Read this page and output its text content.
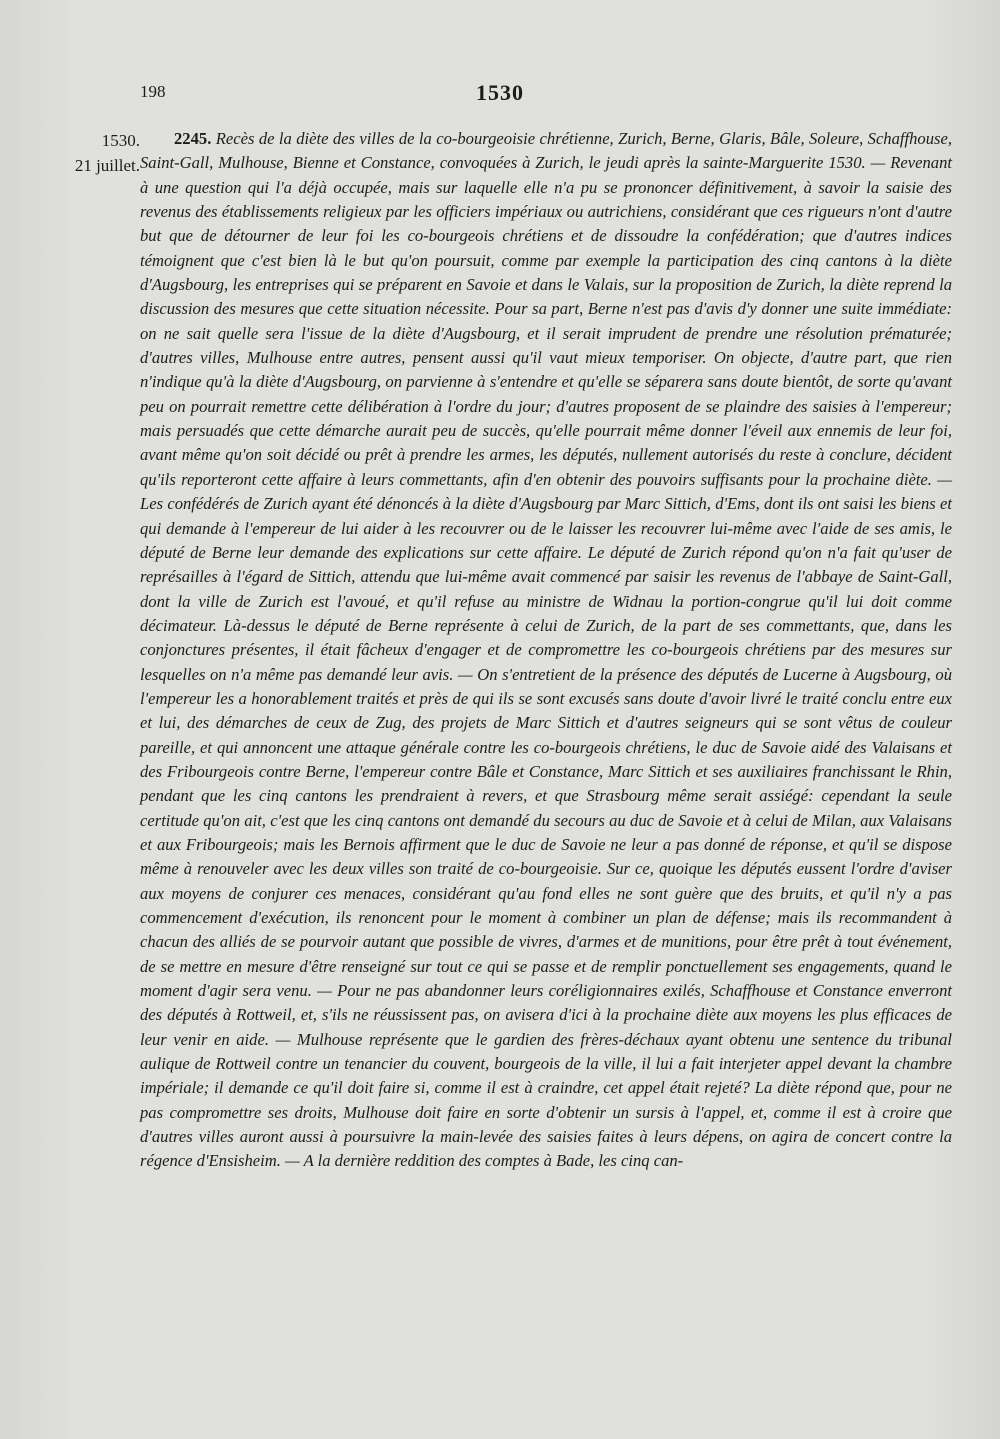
198	1530
1530.
21 juillet.

2245. Recès de la diète des villes de la co-bourgeoisie chrétienne, Zurich, Berne, Glaris, Bâle, Soleure, Schaffhouse, Saint-Gall, Mulhouse, Bienne et Constance, convoquées à Zurich, le jeudi après la sainte-Marguerite 1530. — Revenant à une question qui l'a déjà occupée, mais sur laquelle elle n'a pu se prononcer définitivement, à savoir la saisie des revenus des établissements religieux par les officiers impériaux ou autrichiens, considérant que ces rigueurs n'ont d'autre but que de détourner de leur foi les co-bourgeois chrétiens et de dissoudre la confédération; que d'autres indices témoignent que c'est bien là le but qu'on poursuit, comme par exemple la participation des cinq cantons à la diète d'Augsbourg, les entreprises qui se préparent en Savoie et dans le Valais, sur la proposition de Zurich, la diète reprend la discussion des mesures que cette situation nécessite. Pour sa part, Berne n'est pas d'avis d'y donner une suite immédiate: on ne sait quelle sera l'issue de la diète d'Augsbourg, et il serait imprudent de prendre une résolution prématurée; d'autres villes, Mulhouse entre autres, pensent aussi qu'il vaut mieux temporiser. On objecte, d'autre part, que rien n'indique qu'à la diète d'Augsbourg, on parvienne à s'entendre et qu'elle se séparera sans doute bientôt, de sorte qu'avant peu on pourrait remettre cette délibération à l'ordre du jour; d'autres proposent de se plaindre des saisies à l'empereur; mais persuadés que cette démarche aurait peu de succès, qu'elle pourrait même donner l'éveil aux ennemis de leur foi, avant même qu'on soit décidé ou prêt à prendre les armes, les députés, nullement autorisés du reste à conclure, décident qu'ils reporteront cette affaire à leurs commettants, afin d'en obtenir des pouvoirs suffisants pour la prochaine diète. — Les confédérés de Zurich ayant été dénoncés à la diète d'Augsbourg par Marc Sittich, d'Ems, dont ils ont saisi les biens et qui demande à l'empereur de lui aider à les recouvrer ou de le laisser les recouvrer lui-même avec l'aide de ses amis, le député de Berne leur demande des explications sur cette affaire. Le député de Zurich répond qu'on n'a fait qu'user de représailles à l'égard de Sittich, attendu que lui-même avait commencé par saisir les revenus de l'abbaye de Saint-Gall, dont la ville de Zurich est l'avoué, et qu'il refuse au ministre de Widnau la portion-congrue qu'il lui doit comme décimateur. Là-dessus le député de Berne représente à celui de Zurich, de la part de ses commettants, que, dans les conjonctures présentes, il était fâcheux d'engager et de compromettre les co-bourgeois chrétiens par des mesures sur lesquelles on n'a même pas demandé leur avis. — On s'entretient de la présence des députés de Lucerne à Augsbourg, où l'empereur les a honorablement traités et près de qui ils se sont excusés sans doute d'avoir livré le traité conclu entre eux et lui, des démarches de ceux de Zug, des projets de Marc Sittich et d'autres seigneurs qui se sont vêtus de couleur pareille, et qui annoncent une attaque générale contre les co-bourgeois chrétiens, le duc de Savoie aidé des Valaisans et des Fribourgeois contre Berne, l'empereur contre Bâle et Constance, Marc Sittich et ses auxiliaires franchissant le Rhin, pendant que les cinq cantons les prendraient à revers, et que Strasbourg même serait assiégé: cependant la seule certitude qu'on ait, c'est que les cinq cantons ont demandé du secours au duc de Savoie et à celui de Milan, aux Valaisans et aux Fribourgeois; mais les Bernois affirment que le duc de Savoie ne leur a pas donné de réponse, et qu'il se dispose même à renouveler avec les deux villes son traité de co-bourgeoisie. Sur ce, quoique les députés eussent l'ordre d'aviser aux moyens de conjurer ces menaces, considérant qu'au fond elles ne sont guère que des bruits, et qu'il n'y a pas commencement d'exécution, ils renoncent pour le moment à combiner un plan de défense; mais ils recommandent à chacun des alliés de se pourvoir autant que possible de vivres, d'armes et de munitions, pour être prêt à tout événement, de se mettre en mesure d'être renseigné sur tout ce qui se passe et de remplir ponctuellement ses engagements, quand le moment d'agir sera venu. — Pour ne pas abandonner leurs coréligionnaires exilés, Schaffhouse et Constance enverront des députés à Rottweil, et, s'ils ne réussissent pas, on avisera d'ici à la prochaine diète aux moyens les plus efficaces de leur venir en aide. — Mulhouse représente que le gardien des frères-déchaux ayant obtenu une sentence du tribunal aulique de Rottweil contre un tenancier du couvent, bourgeois de la ville, il lui a fait interjeter appel devant la chambre impériale; il demande ce qu'il doit faire si, comme il est à craindre, cet appel était rejeté? La diète répond que, pour ne pas compromettre ses droits, Mulhouse doit faire en sorte d'obtenir un sursis à l'appel, et, comme il est à croire que d'autres villes auront aussi à poursuivre la main-levée des saisies faites à leurs dépens, on agira de concert contre la régence d'Ensisheim. — A la dernière reddition des comptes à Bade, les cinq can-
